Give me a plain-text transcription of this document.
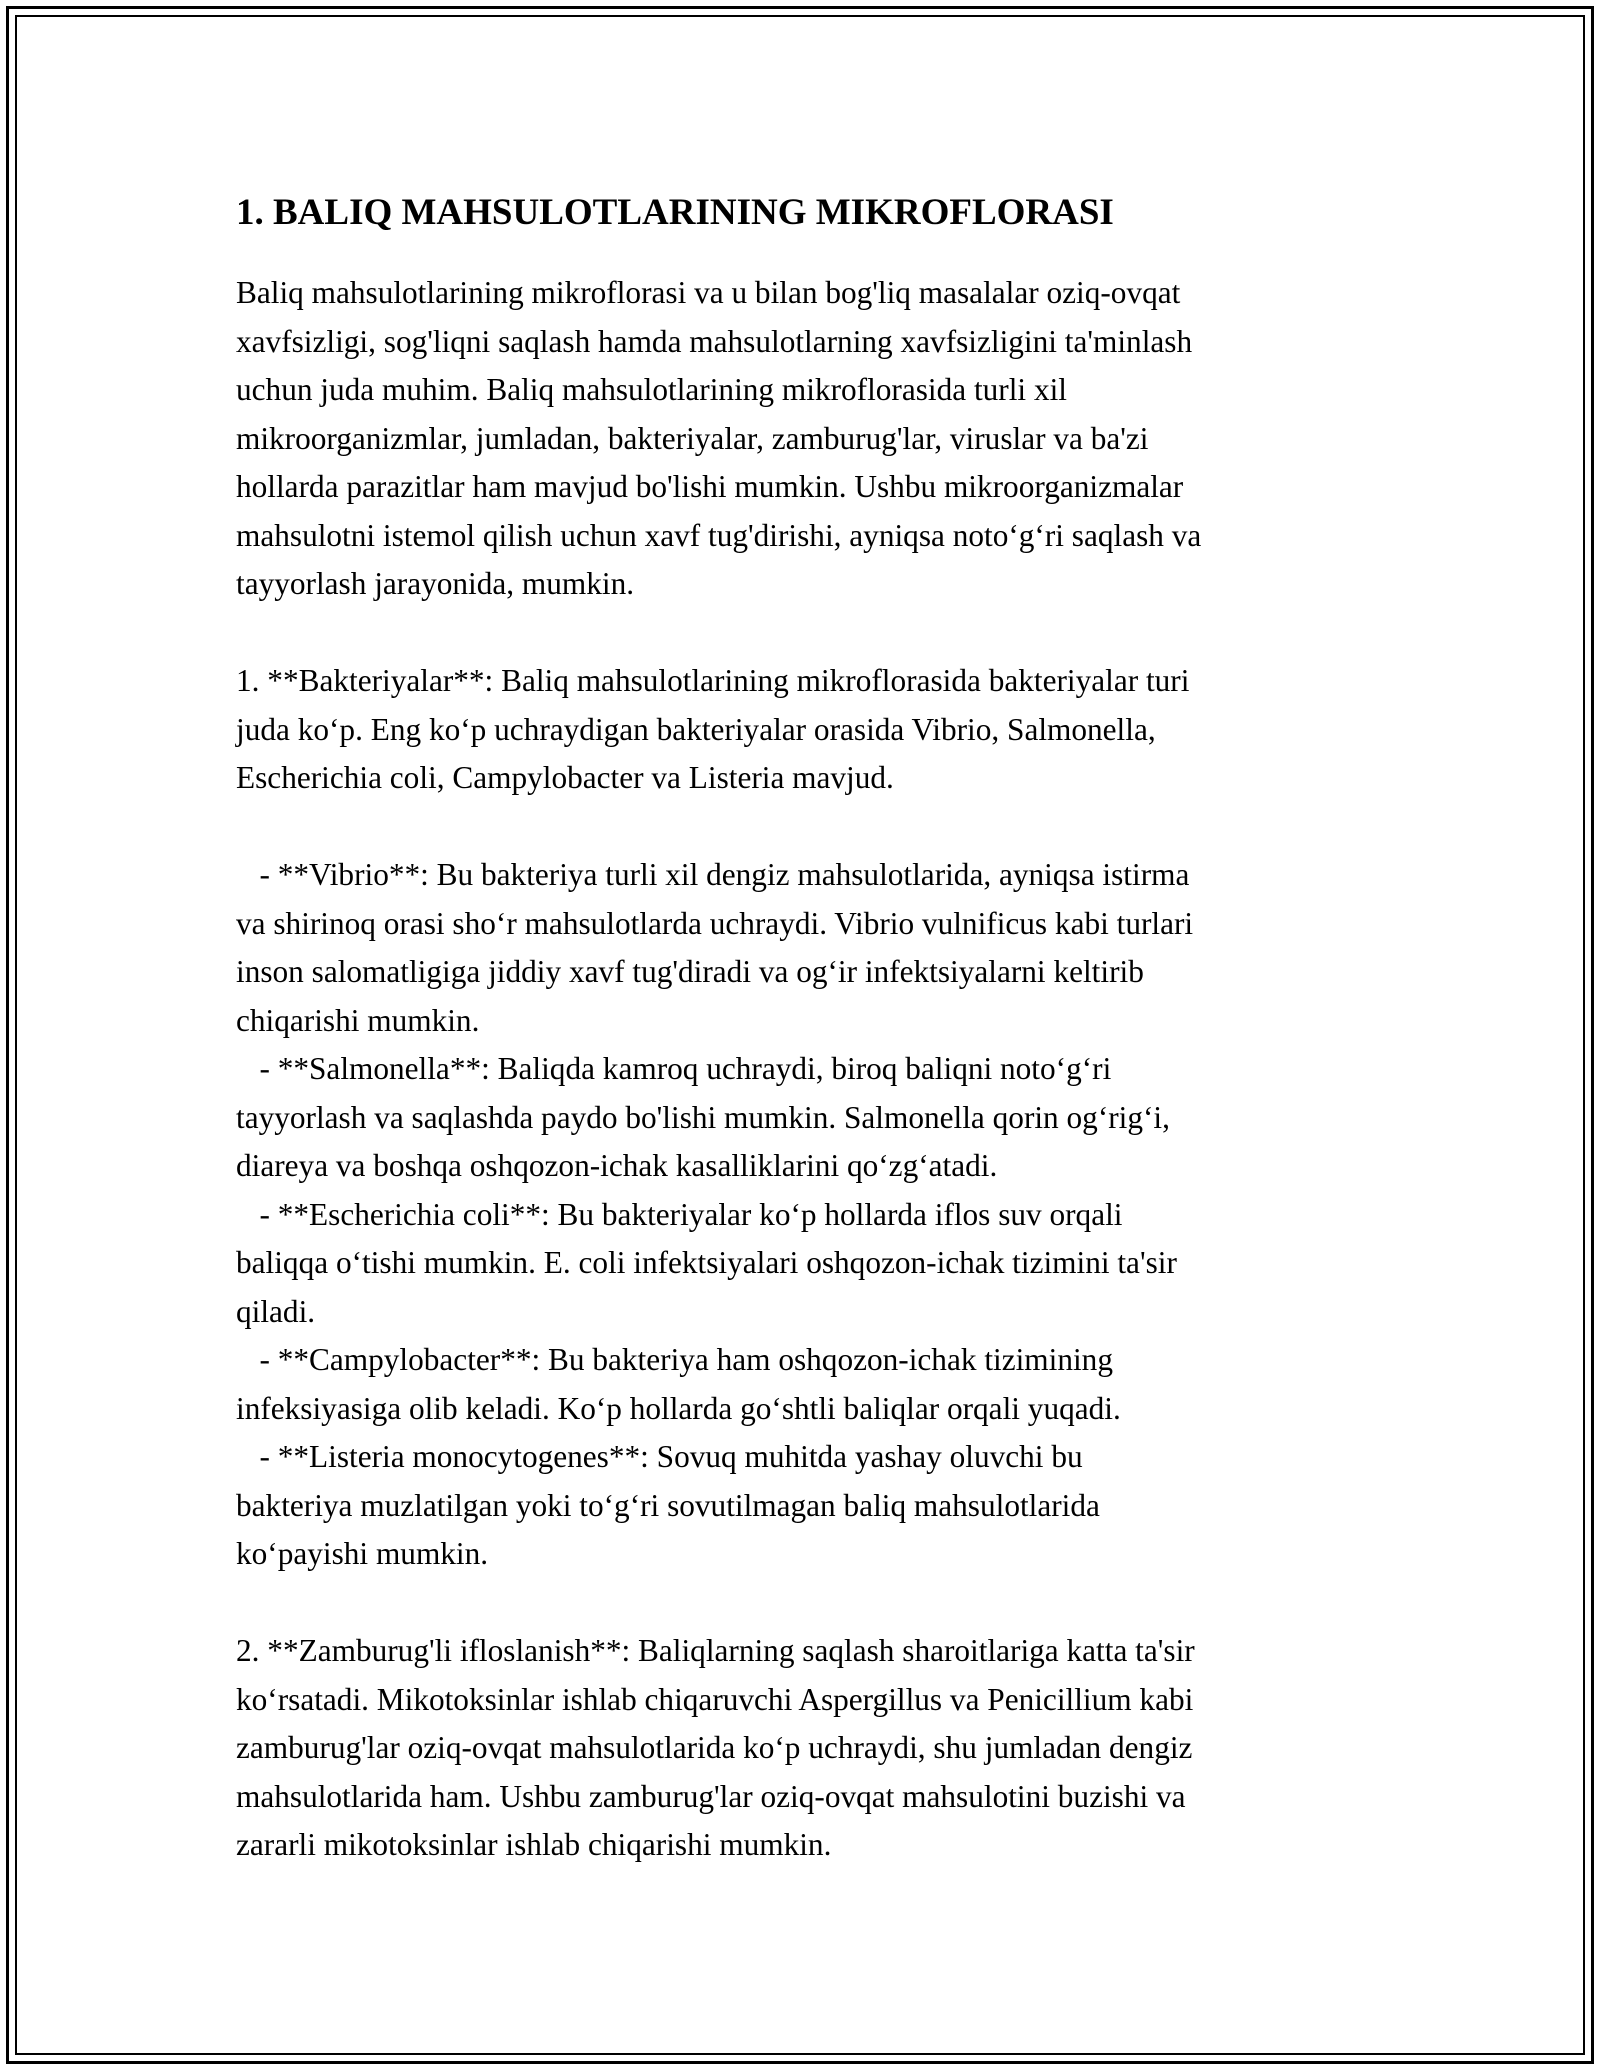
1. BALIQ MAHSULOTLARINING MIKROFLORASI

Baliq mahsulotlarining mikroflorasi va u bilan bog'liq masalalar oziq-ovqat
xavfsizligi, sog'liqni saqlash hamda mahsulotlarning xavfsizligini ta'minlash
uchun juda muhim. Baliq mahsulotlarining mikroflorasida turli xil
mikroorganizmlar, jumladan, bakteriyalar, zamburug'lar, viruslar va ba'zi
hollarda parazitlar ham mavjud bo'lishi mumkin. Ushbu mikroorganizmalar
mahsulotni istemol qilish uchun xavf tug'dirishi, ayniqsa noto‘g‘ri saqlash va
tayyorlash jarayonida, mumkin.

1. **Bakteriyalar**: Baliq mahsulotlarining mikroflorasida bakteriyalar turi
juda ko‘p. Eng ko‘p uchraydigan bakteriyalar orasida Vibrio, Salmonella,
Escherichia coli, Campylobacter va Listeria mavjud.

- **Vibrio**: Bu bakteriya turli xil dengiz mahsulotlarida, ayniqsa istirma
va shirinoq orasi sho‘r mahsulotlarda uchraydi. Vibrio vulnificus kabi turlari
inson salomatligiga jiddiy xavf tug'diradi va og‘ir infektsiyalarni keltirib
chiqarishi mumkin.
- **Salmonella**: Baliqda kamroq uchraydi, biroq baliqni noto‘g‘ri
tayyorlash va saqlashda paydo bo'lishi mumkin. Salmonella qorin og‘rig‘i,
diareya va boshqa oshqozon-ichak kasalliklarini qo‘zg‘atadi.
- **Escherichia coli**: Bu bakteriyalar ko‘p hollarda iflos suv orqali
baliqqa o‘tishi mumkin. E. coli infektsiyalari oshqozon-ichak tizimini ta'sir
qiladi.
- **Campylobacter**: Bu bakteriya ham oshqozon-ichak tizimining
infeksiyasiga olib keladi. Ko‘p hollarda go‘shtli baliqlar orqali yuqadi.
- **Listeria monocytogenes**: Sovuq muhitda yashay oluvchi bu
bakteriya muzlatilgan yoki to‘g‘ri sovutilmagan baliq mahsulotlarida
ko‘payishi mumkin.

2. **Zamburug'li ifloslanish**: Baliqlarning saqlash sharoitlariga katta ta'sir
ko‘rsatadi. Mikotoksinlar ishlab chiqaruvchi Aspergillus va Penicillium kabi
zamburug'lar oziq-ovqat mahsulotlarida ko‘p uchraydi, shu jumladan dengiz
mahsulotlarida ham. Ushbu zamburug'lar oziq-ovqat mahsulotini buzishi va
zararli mikotoksinlar ishlab chiqarishi mumkin.
